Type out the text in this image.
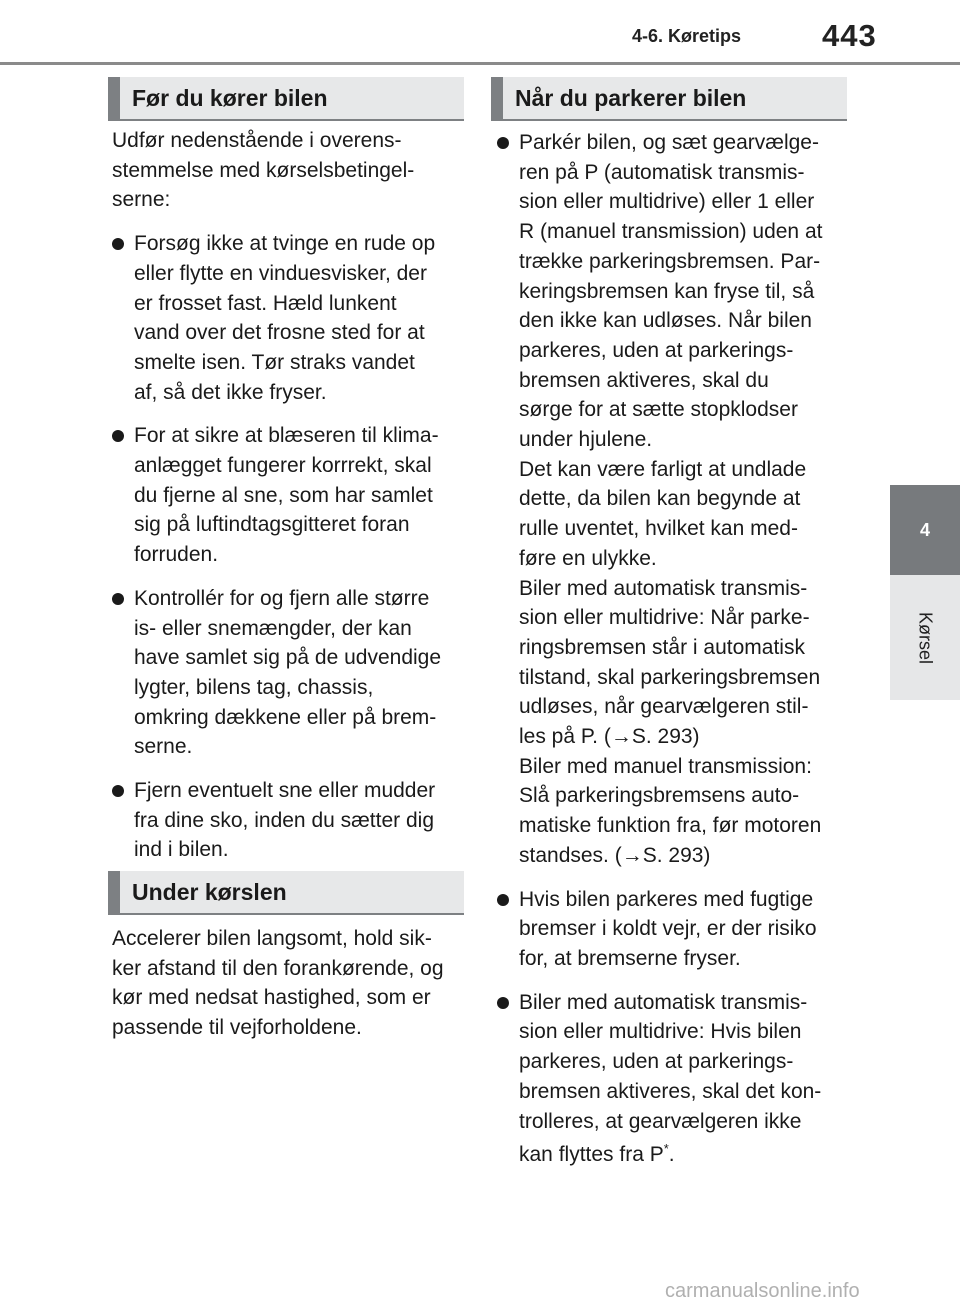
4-6. Køretips	443
4
Kørsel
Før du kører bilen
Udfør nedenstående i overens-
stemmelse med kørselsbetingel-
serne:
Forsøg ikke at tvinge en rude op
eller flytte en vinduesvisker, der
er frosset fast. Hæld lunkent
vand over det frosne sted for at
smelte isen. Tør straks vandet
af, så det ikke fryser.
For at sikre at blæseren til klima-
anlægget fungerer korrrekt, skal
du fjerne al sne, som har samlet
sig på luftindtagsgitteret foran
forruden.
Kontrollér for og fjern alle større
is- eller snemængder, der kan
have samlet sig på de udvendige
lygter, bilens tag, chassis,
omkring dækkene eller på brem-
serne.
Fjern eventuelt sne eller mudder
fra dine sko, inden du sætter dig
ind i bilen.
Under kørslen
Accelerer bilen langsomt, hold sik-
ker afstand til den forankørende, og
kør med nedsat hastighed, som er
passende til vejforholdene.
Når du parkerer bilen
Parkér bilen, og sæt gearvælge-
ren på P (automatisk transmis-
sion eller multidrive) eller 1 eller
R (manuel transmission) uden at
trække parkeringsbremsen. Par-
keringsbremsen kan fryse til, så
den ikke kan udløses. Når bilen
parkeres, uden at parkerings-
bremsen aktiveres, skal du
sørge for at sætte stopklodser
under hjulene.
Det kan være farligt at undlade
dette, da bilen kan begynde at
rulle uventet, hvilket kan med-
føre en ulykke.
Biler med automatisk transmis-
sion eller multidrive: Når parke-
ringsbremsen står i automatisk
tilstand, skal parkeringsbremsen
udløses, når gearvælgeren stil-
les på P. (→S. 293)
Biler med manuel transmission:
Slå parkeringsbremsens auto-
matiske funktion fra, før motoren
standses. (→S. 293)
Hvis bilen parkeres med fugtige
bremser i koldt vejr, er der risiko
for, at bremserne fryser.
Biler med automatisk transmis-
sion eller multidrive: Hvis bilen
parkeres, uden at parkerings-
bremsen aktiveres, skal det kon-
trolleres, at gearvælgeren ikke
kan flyttes fra P*.
carmanualsonline.info
